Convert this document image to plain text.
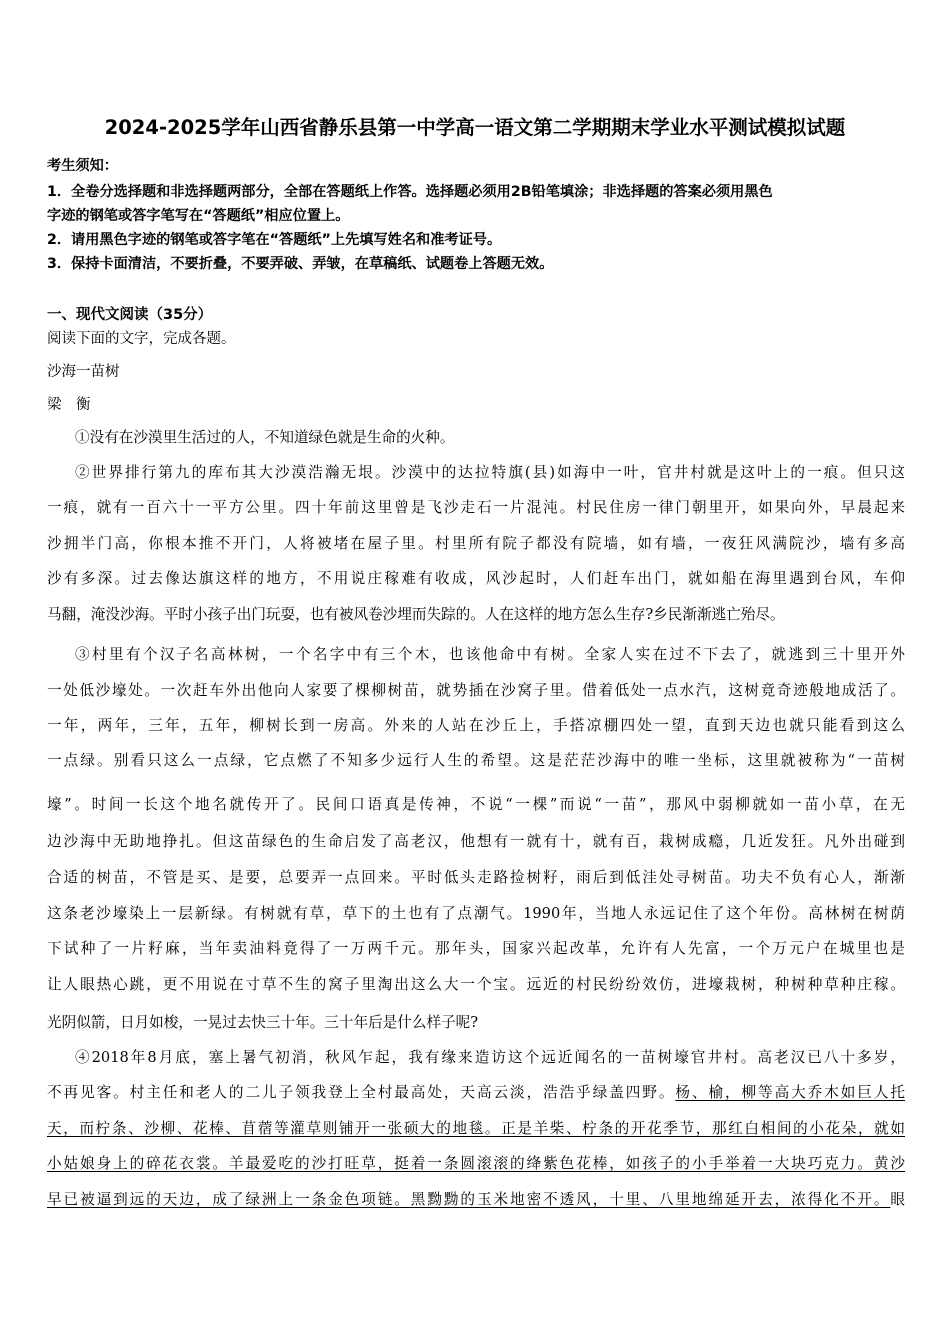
2024-2025学年山西省静乐县第一中学高一语文第二学期期末学业水平测试模拟试题
考生须知：
1．全卷分选择题和非选择题两部分，全部在答题纸上作答。选择题必须用2B铅笔填涂；非选择题的答案必须用黑色
字迹的钢笔或答字笔写在“答题纸”相应位置上。
2．请用黑色字迹的钢笔或答字笔在“答题纸”上先填写姓名和准考证号。
3．保持卡面清洁，不要折叠，不要弄破、弄皱，在草稿纸、试题卷上答题无效。
一、现代文阅读（35分）
阅读下面的文字，完成各题。
沙海一苗树
梁　衡
①没有在沙漠里生活过的人，不知道绿色就是生命的火种。
②世界排行第九的库布其大沙漠浩瀚无垠。沙漠中的达拉特旗(县)如海中一叶，官井村就是这叶上的一痕。但只这
一痕，就有一百六十一平方公里。四十年前这里曾是飞沙走石一片混沌。村民住房一律门朝里开，如果向外，早晨起来
沙拥半门高，你根本推不开门，人将被堵在屋子里。村里所有院子都没有院墙，如有墙，一夜狂风满院沙，墙有多高
沙有多深。过去像达旗这样的地方，不用说庄稼难有收成，风沙起时，人们赶车出门，就如船在海里遇到台风，车仰
马翻，淹没沙海。平时小孩子出门玩耍，也有被风卷沙埋而失踪的。人在这样的地方怎么生存?乡民渐渐逃亡殆尽。
③村里有个汉子名高林树，一个名字中有三个木，也该他命中有树。全家人实在过不下去了，就逃到三十里开外
一处低沙壕处。一次赶车外出他向人家要了棵柳树苗，就势插在沙窝子里。借着低处一点水汽，这树竟奇迹般地成活了。
一年，两年，三年，五年，柳树长到一房高。外来的人站在沙丘上，手搭凉棚四处一望，直到天边也就只能看到这么
一点绿。别看只这么一点绿，它点燃了不知多少远行人生的希望。这是茫茫沙海中的唯一坐标，这里就被称为“一苗树
壕”。时间一长这个地名就传开了。民间口语真是传神，不说“一棵”而说“一苗”，那风中弱柳就如一苗小草，在无
边沙海中无助地挣扎。但这苗绿色的生命启发了高老汉，他想有一就有十，就有百，栽树成瘾，几近发狂。凡外出碰到
合适的树苗，不管是买、是要，总要弄一点回来。平时低头走路捡树籽，雨后到低洼处寻树苗。功夫不负有心人，渐渐
这条老沙壕染上一层新绿。有树就有草，草下的土也有了点潮气。1990年，当地人永远记住了这个年份。高林树在树荫
下试种了一片籽麻，当年卖油料竟得了一万两千元。那年头，国家兴起改革，允许有人先富，一个万元户在城里也是
让人眼热心跳，更不用说在寸草不生的窝子里淘出这么大一个宝。远近的村民纷纷效仿，进壕栽树，种树种草种庄稼。
光阴似箭，日月如梭，一晃过去快三十年。三十年后是什么样子呢?
④2018年8月底，塞上暑气初消，秋风乍起，我有缘来造访这个远近闻名的一苗树壕官井村。高老汉已八十多岁，
不再见客。村主任和老人的二儿子领我登上全村最高处，天高云淡，浩浩乎绿盖四野。杨、榆，柳等高大乔木如巨人托
天，而柠条、沙柳、花棒、苜蓿等灌草则铺开一张硕大的地毯。正是羊柴、柠条的开花季节，那红白相间的小花朵，就如
小姑娘身上的碎花衣裳。羊最爱吃的沙打旺草，挺着一条圆滚滚的绛紫色花棒，如孩子的小手举着一大块巧克力。黄沙
早已被逼到远的天边，成了绿洲上一条金色项链。黑黝黝的玉米地密不透风，十里、八里地绵延开去，浓得化不开。眼
